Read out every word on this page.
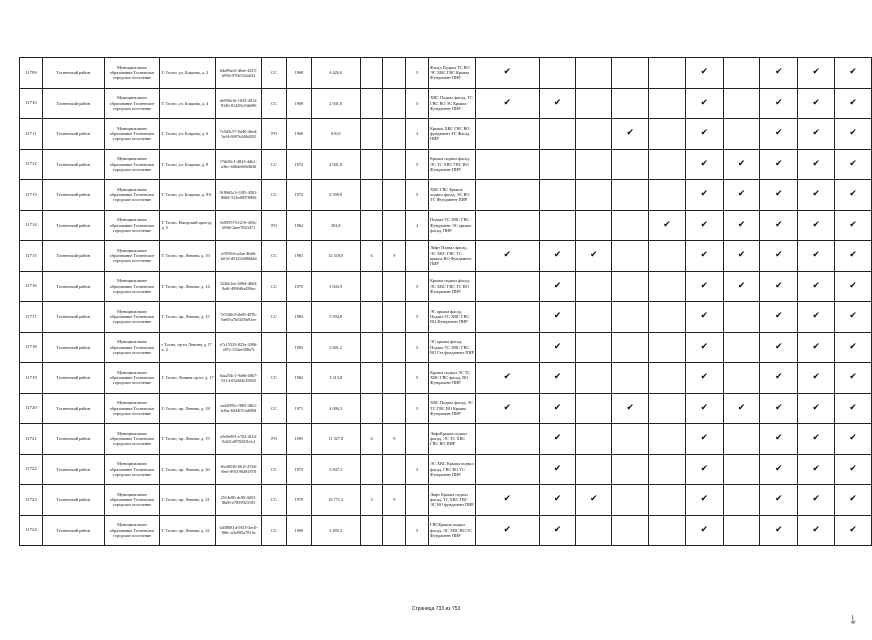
11709	Тосненский район	Муниципальное образование Тосненское городское поселение	Г. Тосно, ул. Боярова, д. 2	6da99ac0-d0ae-4415-b95b-970e532a633	СС	1968	4 620,0			5	Фасад Подвал ТС ВО ЭС ХВС ГВС Крыша Фундамент ПИР	✔					✔		✔	✔	✔
11710	Тосненский район	Муниципальное образование Тосненское городское поселение	Г. Тосно, ул. Боярова, д. 4	de939a16-1023-4012-8140-81429c33b696	СС	1969	2 941,0			5	ХВС Подвал фасад, ТС ГВС ВО ЭС Крыша Фундамент ПИР	✔	✔				✔		✔	✔	✔
11711	Тосненский район	Муниципальное образование Тосненское городское поселение	Г. Тосно, ул. Боярова, д. 6	7e5d3c57-0d40-4bed-3ef4-6997e248d492	РО	1960	610,0			2	Крыша ХВС ГВС ВО фундамент ТС Фасад ПИР				✔		✔		✔	✔	✔
11712	Тосненский район	Муниципальное образование Тосненское городское поселение	Г. Тосно, ул. Боярова, д. 8	f7ib58c1-4823-4db1-a36c-b0bde0d64b36	СС	1972	2 941,0			5	Крыша подвал фасад, ЭС ТС ХВС ГВС ВО Фундамент ПИР						✔	✔	✔	✔	✔
11713	Тосненский район	Муниципальное образование Тосненское городское поселение	Г. Тосно, ул. Боярова, д. 8А	9189d5c3-1185-4581-80b8-312ed8078906	СС	1972	2 598,8			5	ХВС ГВС Крыша подвал фасад, ЭС ВО ТС Фундамент ПИР						✔	✔	✔	✔	✔
11714	Тосненский район	Муниципальное образование Тосненское городское поселение	Г. Тосно, Ижорский проезд, д. 5	5e095573-f219-405e-b946-3aee7023d71	РО	1962	502,8			2	Подвал ТС ХВС ГВС Фундамент ЭС крыша фасад, ПИР					✔	✔	✔	✔	✔	✔
11715	Тосненский район	Муниципальное образование Тосненское городское поселение	Г. Тосно, пр. Ленина, д. 10	e1959c6-a2ae-4bbb-b01d-d5125d490ddd	СС	1981	12 318,0	6	9		Лифт Подвал фасад, ЭС ХВС ГВС ТС крыша ВО Фундамент ПИР	✔	✔	✔			✔	✔	✔	✔	✔
11716	Тосненский район	Муниципальное образование Тосненское городское поселение	Г. Тосно, пр. Ленина, д. 14	3220e1ee-609d-4663-9a6f-4996f6a458ee	СС	1975	3 043,9			5	Крыша подвал фасад, ЭС ХВС ГВС ТС ВО Фундамент ПИР		✔				✔	✔	✔	✔	✔
11717	Тосненский район	Муниципальное образование Тосненское городское поселение	Г. Тосно, пр. Ленина, д. 15	7e53f6f3-eb69-497b-9a60-a7b5265b91ee	СС	1984	5 594,8			5	ЭС крыша фасад, Подвал ТС ХВС ГВС ВО Фундамент ПИР		✔				✔		✔	✔	✔
11718	Тосненский район	Муниципальное образование Тосненское городское поселение	г Тосно, пр-кт Ленина, д 17 к. 2	a7c15325-825a-439b-a97c-532ee308a7f		1983	3 601,2			5	ЭС крыша фасад, Подвал ТС ХВС ГВС ВО Газ фундамент ПИР		✔				✔		✔	✔	✔
11719	Тосненский район	Муниципальное образование Тосненское городское поселение	Г. Тосно, Ленина пр-кт, д. 17	6aa254c1-9a0b-48b7-8114-0326f2e35692	СС	1982	3 313,8			5	Крыша подвал ЭС ТС ХВС ГВС фасад, ВО Фундамент ПИР	✔	✔				✔		✔	✔	✔
11720	Тосненский район	Муниципальное образование Тосненское городское поселение	Г. Тосно, пр. Ленина, д. 18	ead4995c-f883-4fb3-b26a-b94407cb699d	СС	1971	4 006,3			5	ХВС Подвал фасад, ЭС ТС ГВС ВО Крыша Фундамент ПИР	✔	✔		✔		✔	✔	✔	✔	✔
11721	Тосненский район	Муниципальное образование Тосненское городское поселение	Г. Тосно, пр. Ленина, д. 19	a5e9e981-e762-4f1d-8d23-d870201b3cf	РО	1995	11 327,8	6	9		ЛифтКрыша подвал фасад, ЭС ТС ХВС ГВС ВО ПИР		✔				✔		✔	✔	✔
11722	Тосненский район	Муниципальное образование Тосненское городское поселение	Г. Тосно, пр. Ленина, д. 20	16ef8536-661f-4746-8eef-893196481878	СС	1973	3 847,1			5	ЭС ХВС Крыша подвал фасад, ГВС ВО ТС Фундамент ПИР		✔				✔		✔	✔	✔
11723	Тосненский район	Муниципальное образование Тосненское городское поселение	Г. Тосно, пр. Ленина, д. 21	2514e80-dc90-4d53-8b06-e7859923105	СС	1979	10 771,2	5	9		Лифт Крыша подвал фасад, ТС ХВС ГВС ЭС ВО фундамент ПИР	✔	✔	✔			✔		✔	✔	✔
11724	Тосненский район	Муниципальное образование Тосненское городское поселение	Г. Тосно, пр. Ленина, д. 22	b438881d-5815-4ec0-86fc-a3e895a7814e	СС	1969	3 495,3			5	ГВСКрыша подвал фасад, ЭС ХВС ВО ТС Фундамент ПИР	✔	✔				✔		✔	✔	✔
Страница 733 из 753
↘
